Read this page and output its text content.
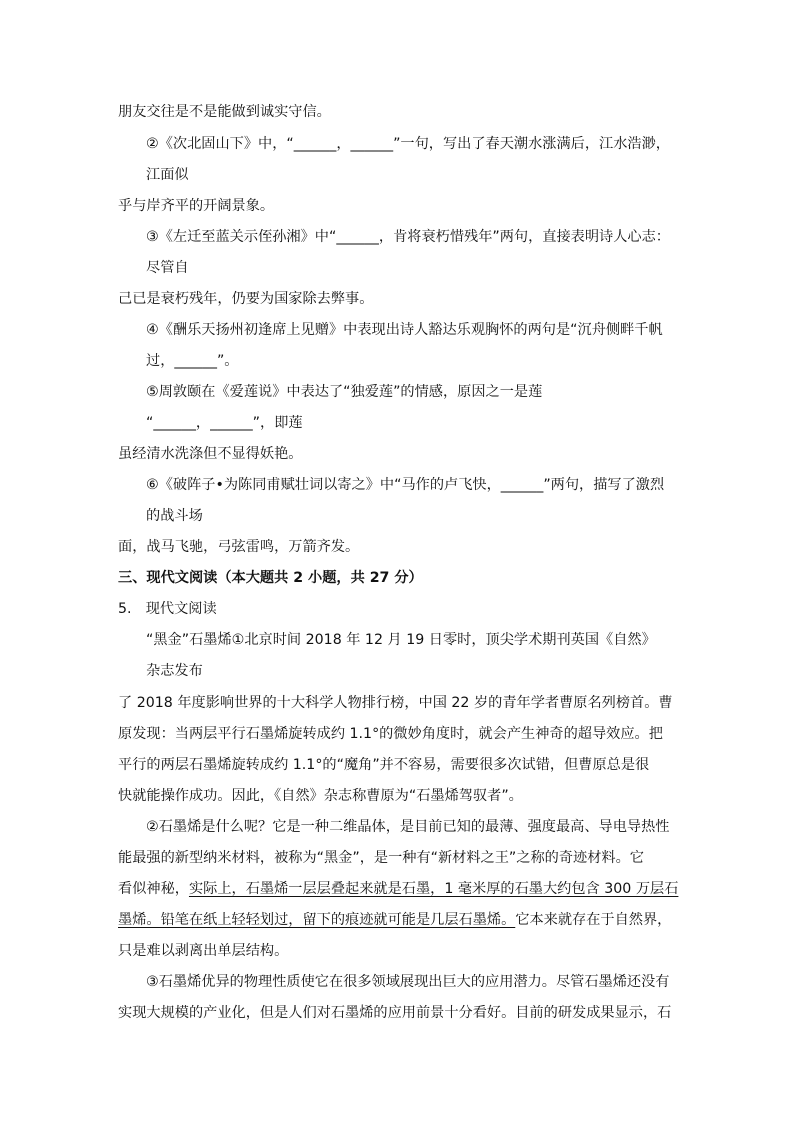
朋友交往是不是能做到诚实守信。
②《次北固山下》中，“______，______”一句，写出了春天潮水涨满后，江水浩渺，
江面似
乎与岸齐平的开阔景象。
③《左迁至蓝关示侄孙湘》中“______，肯将衰朽惜残年”两句，直接表明诗人心志：
尽管自
己已是衰朽残年，仍要为国家除去弊事。
④《酬乐天扬州初逢席上见赠》中表现出诗人豁达乐观胸怀的两句是“沉舟侧畔千帆
过，______”。
⑤周敦颐在《爱莲说》中表达了“独爱莲”的情感，原因之一是莲
“______，______”，即莲
虽经清水洗涤但不显得妖艳。
⑥《破阵子•为陈同甫赋壮词以寄之》中“马作的卢飞快，______”两句，描写了激烈
的战斗场
面，战马飞驰，弓弦雷鸣，万箭齐发。
三、现代文阅读（本大题共 2 小题，共 27 分）
5.　现代文阅读
“黑金”石墨烯①北京时间 2018 年 12 月 19 日零时，顶尖学术期刊英国《自然》
杂志发布
了 2018 年度影响世界的十大科学人物排行榜，中国 22 岁的青年学者曹原名列榜首。曹
原发现：当两层平行石墨烯旋转成约 1.1°的微妙角度时，就会产生神奇的超导效应。把
平行的两层石墨烯旋转成约 1.1°的“魔角”并不容易，需要很多次试错，但曹原总是很
快就能操作成功。因此，《自然》杂志称曹原为“石墨烯驾驭者”。
②石墨烯是什么呢？它是一种二维晶体，是目前已知的最薄、强度最高、导电导热性
能最强的新型纳米材料，被称为“黑金”，是一种有“新材料之王”之称的奇迹材料。它
看似神秘，实际上，石墨烯一层层叠起来就是石墨，1 毫米厚的石墨大约包含 300 万层石
墨烯。铅笔在纸上轻轻划过，留下的痕迹就可能是几层石墨烯。它本来就存在于自然界，
只是难以剥离出单层结构。
③石墨烯优异的物理性质使它在很多领域展现出巨大的应用潜力。尽管石墨烯还没有
实现大规模的产业化，但是人们对石墨烯的应用前景十分看好。目前的研发成果显示，石
